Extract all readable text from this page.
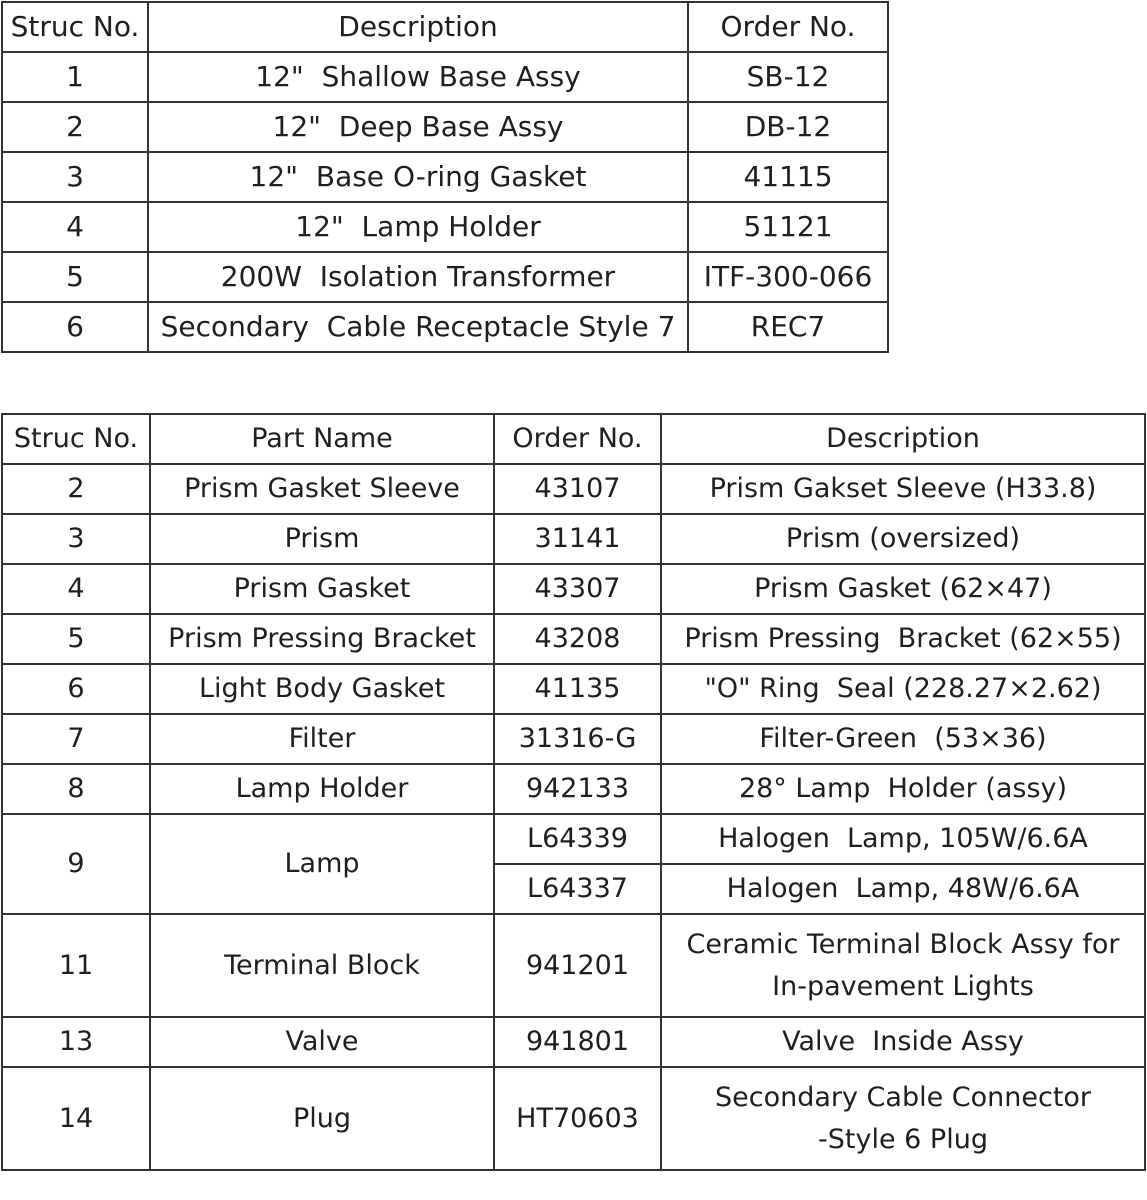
Struc No.	Description	Order No.
1	12"  Shallow Base Assy	SB-12
2	12"  Deep Base Assy	DB-12
3	12"  Base O-ring Gasket	41115
4	12"  Lamp Holder	51121
5	200W  Isolation Transformer	ITF-300-066
6	Secondary  Cable Receptacle Style 7	REC7
Struc No.	Part Name	Order No.	Description
2	Prism Gasket Sleeve	43107	Prism Gakset Sleeve (H33.8)
3	Prism	31141	Prism (oversized)
4	Prism Gasket	43307	Prism Gasket (62×47)
5	Prism Pressing Bracket	43208	Prism Pressing  Bracket (62×55)
6	Light Body Gasket	41135	"O" Ring  Seal (228.27×2.62)
7	Filter	31316-G	Filter-Green  (53×36)
8	Lamp Holder	942133	28° Lamp  Holder (assy)
9	Lamp	L64339	Halogen  Lamp, 105W/6.6A
		L64337	Halogen  Lamp, 48W/6.6A
11	Terminal Block	941201	Ceramic Terminal Block Assy for
In-pavement Lights
13	Valve	941801	Valve  Inside Assy
14	Plug	HT70603	Secondary Cable Connector
-Style 6 Plug
